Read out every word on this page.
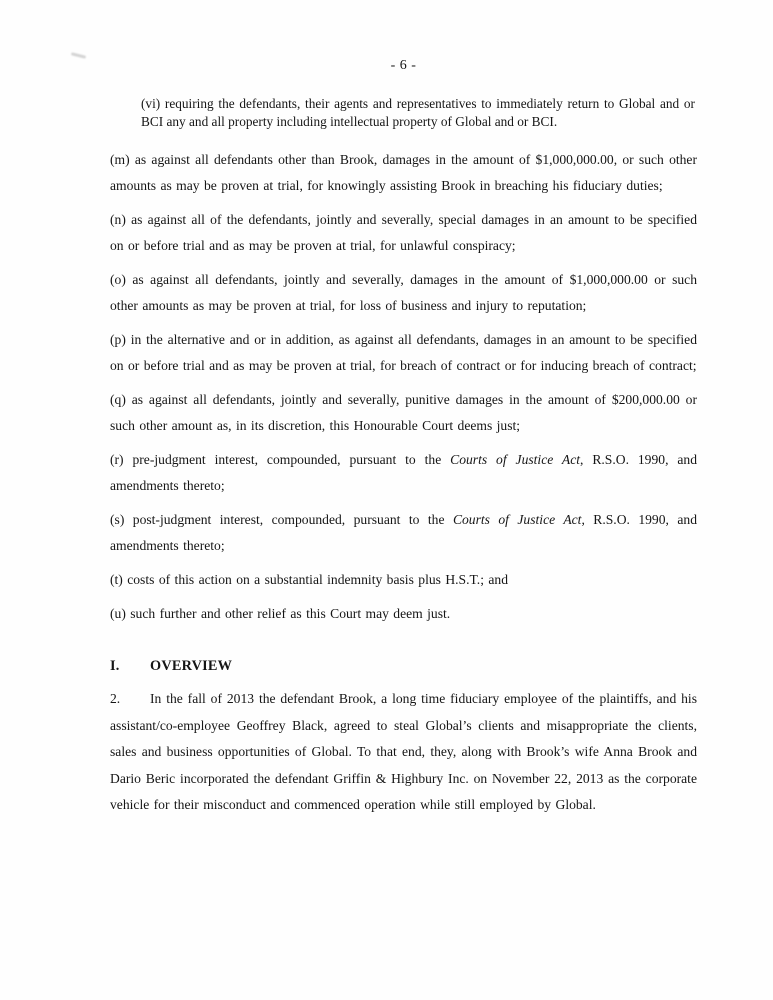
- 6 -
(vi) requiring the defendants, their agents and representatives to immediately return to Global and or BCI any and all property including intellectual property of Global and or BCI.

(m) as against all defendants other than Brook, damages in the amount of $1,000,000.00, or such other amounts as may be proven at trial, for knowingly assisting Brook in breaching his fiduciary duties;

(n) as against all of the defendants, jointly and severally, special damages in an amount to be specified on or before trial and as may be proven at trial, for unlawful conspiracy;

(o) as against all defendants, jointly and severally, damages in the amount of $1,000,000.00 or such other amounts as may be proven at trial, for loss of business and injury to reputation;

(p) in the alternative and or in addition, as against all defendants, damages in an amount to be specified on or before trial and as may be proven at trial, for breach of contract or for inducing breach of contract;

(q) as against all defendants, jointly and severally, punitive damages in the amount of $200,000.00 or such other amount as, in its discretion, this Honourable Court deems just;

(r) pre-judgment interest, compounded, pursuant to the Courts of Justice Act, R.S.O. 1990, and amendments thereto;

(s) post-judgment interest, compounded, pursuant to the Courts of Justice Act, R.S.O. 1990, and amendments thereto;

(t) costs of this action on a substantial indemnity basis plus H.S.T.; and

(u) such further and other relief as this Court may deem just.

I. OVERVIEW

2. In the fall of 2013 the defendant Brook, a long time fiduciary employee of the plaintiffs, and his assistant/co-employee Geoffrey Black, agreed to steal Global’s clients and misappropriate the clients, sales and business opportunities of Global. To that end, they, along with Brook’s wife Anna Brook and Dario Beric incorporated the defendant Griffin & Highbury Inc. on November 22, 2013 as the corporate vehicle for their misconduct and commenced operation while still employed by Global.
